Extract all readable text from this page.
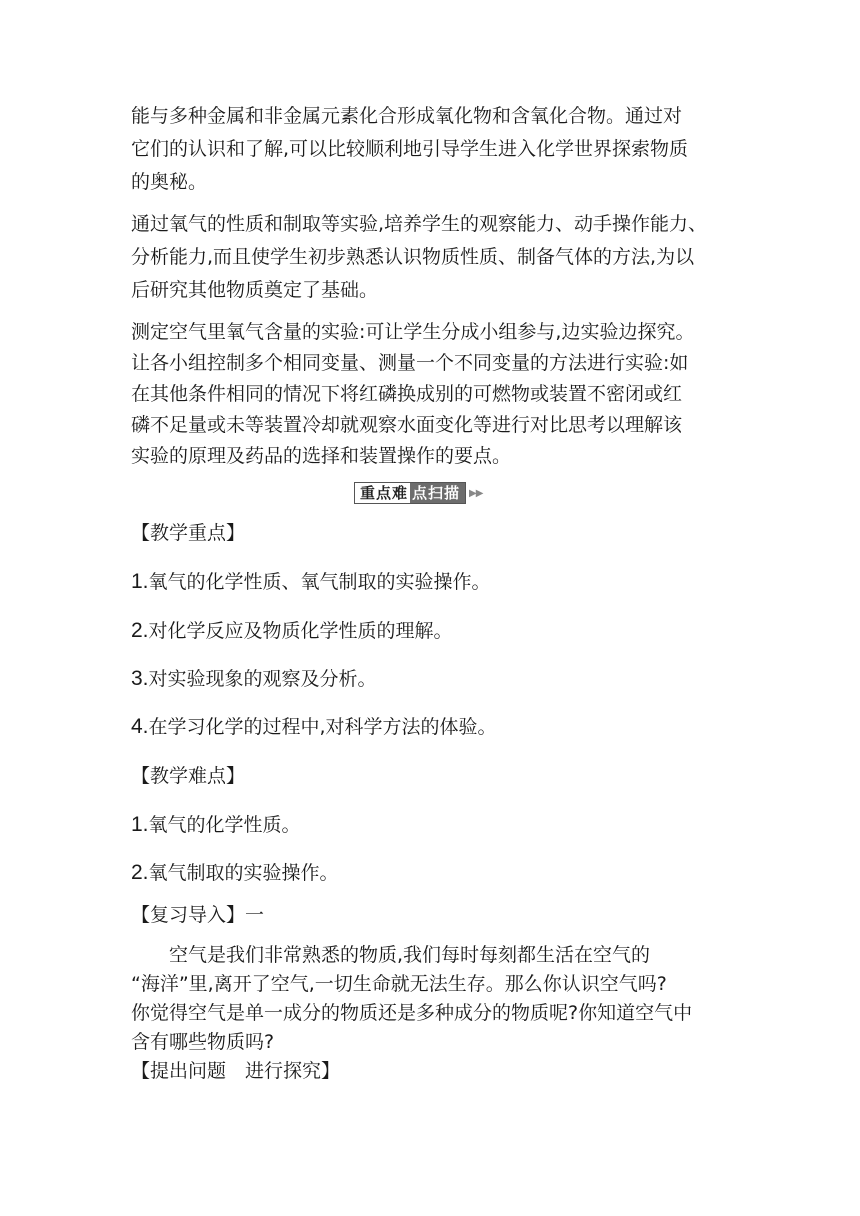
能与多种金属和非金属元素化合形成氧化物和含氧化合物。通过对
它们的认识和了解,可以比较顺利地引导学生进入化学世界探索物质
的奥秘。

通过氧气的性质和制取等实验,培养学生的观察能力、动手操作能力、
分析能力,而且使学生初步熟悉认识物质性质、制备气体的方法,为以
后研究其他物质奠定了基础。

测定空气里氧气含量的实验:可让学生分成小组参与,边实验边探究。
让各小组控制多个相同变量、测量一个不同变量的方法进行实验:如
在其他条件相同的情况下将红磷换成别的可燃物或装置不密闭或红
磷不足量或未等装置冷却就观察水面变化等进行对比思考以理解该
实验的原理及药品的选择和装置操作的要点。

重点难 点扫描 ▶▶

【教学重点】

1.氧气的化学性质、氧气制取的实验操作。

2.对化学反应及物质化学性质的理解。

3.对实验现象的观察及分析。

4.在学习化学的过程中,对科学方法的体验。

【教学难点】

1.氧气的化学性质。

2.氧气制取的实验操作。

【复习导入】一

　　空气是我们非常熟悉的物质,我们每时每刻都生活在空气的
“海洋”里,离开了空气,一切生命就无法生存。那么你认识空气吗?
你觉得空气是单一成分的物质还是多种成分的物质呢?你知道空气中
含有哪些物质吗?

【提出问题　进行探究】
